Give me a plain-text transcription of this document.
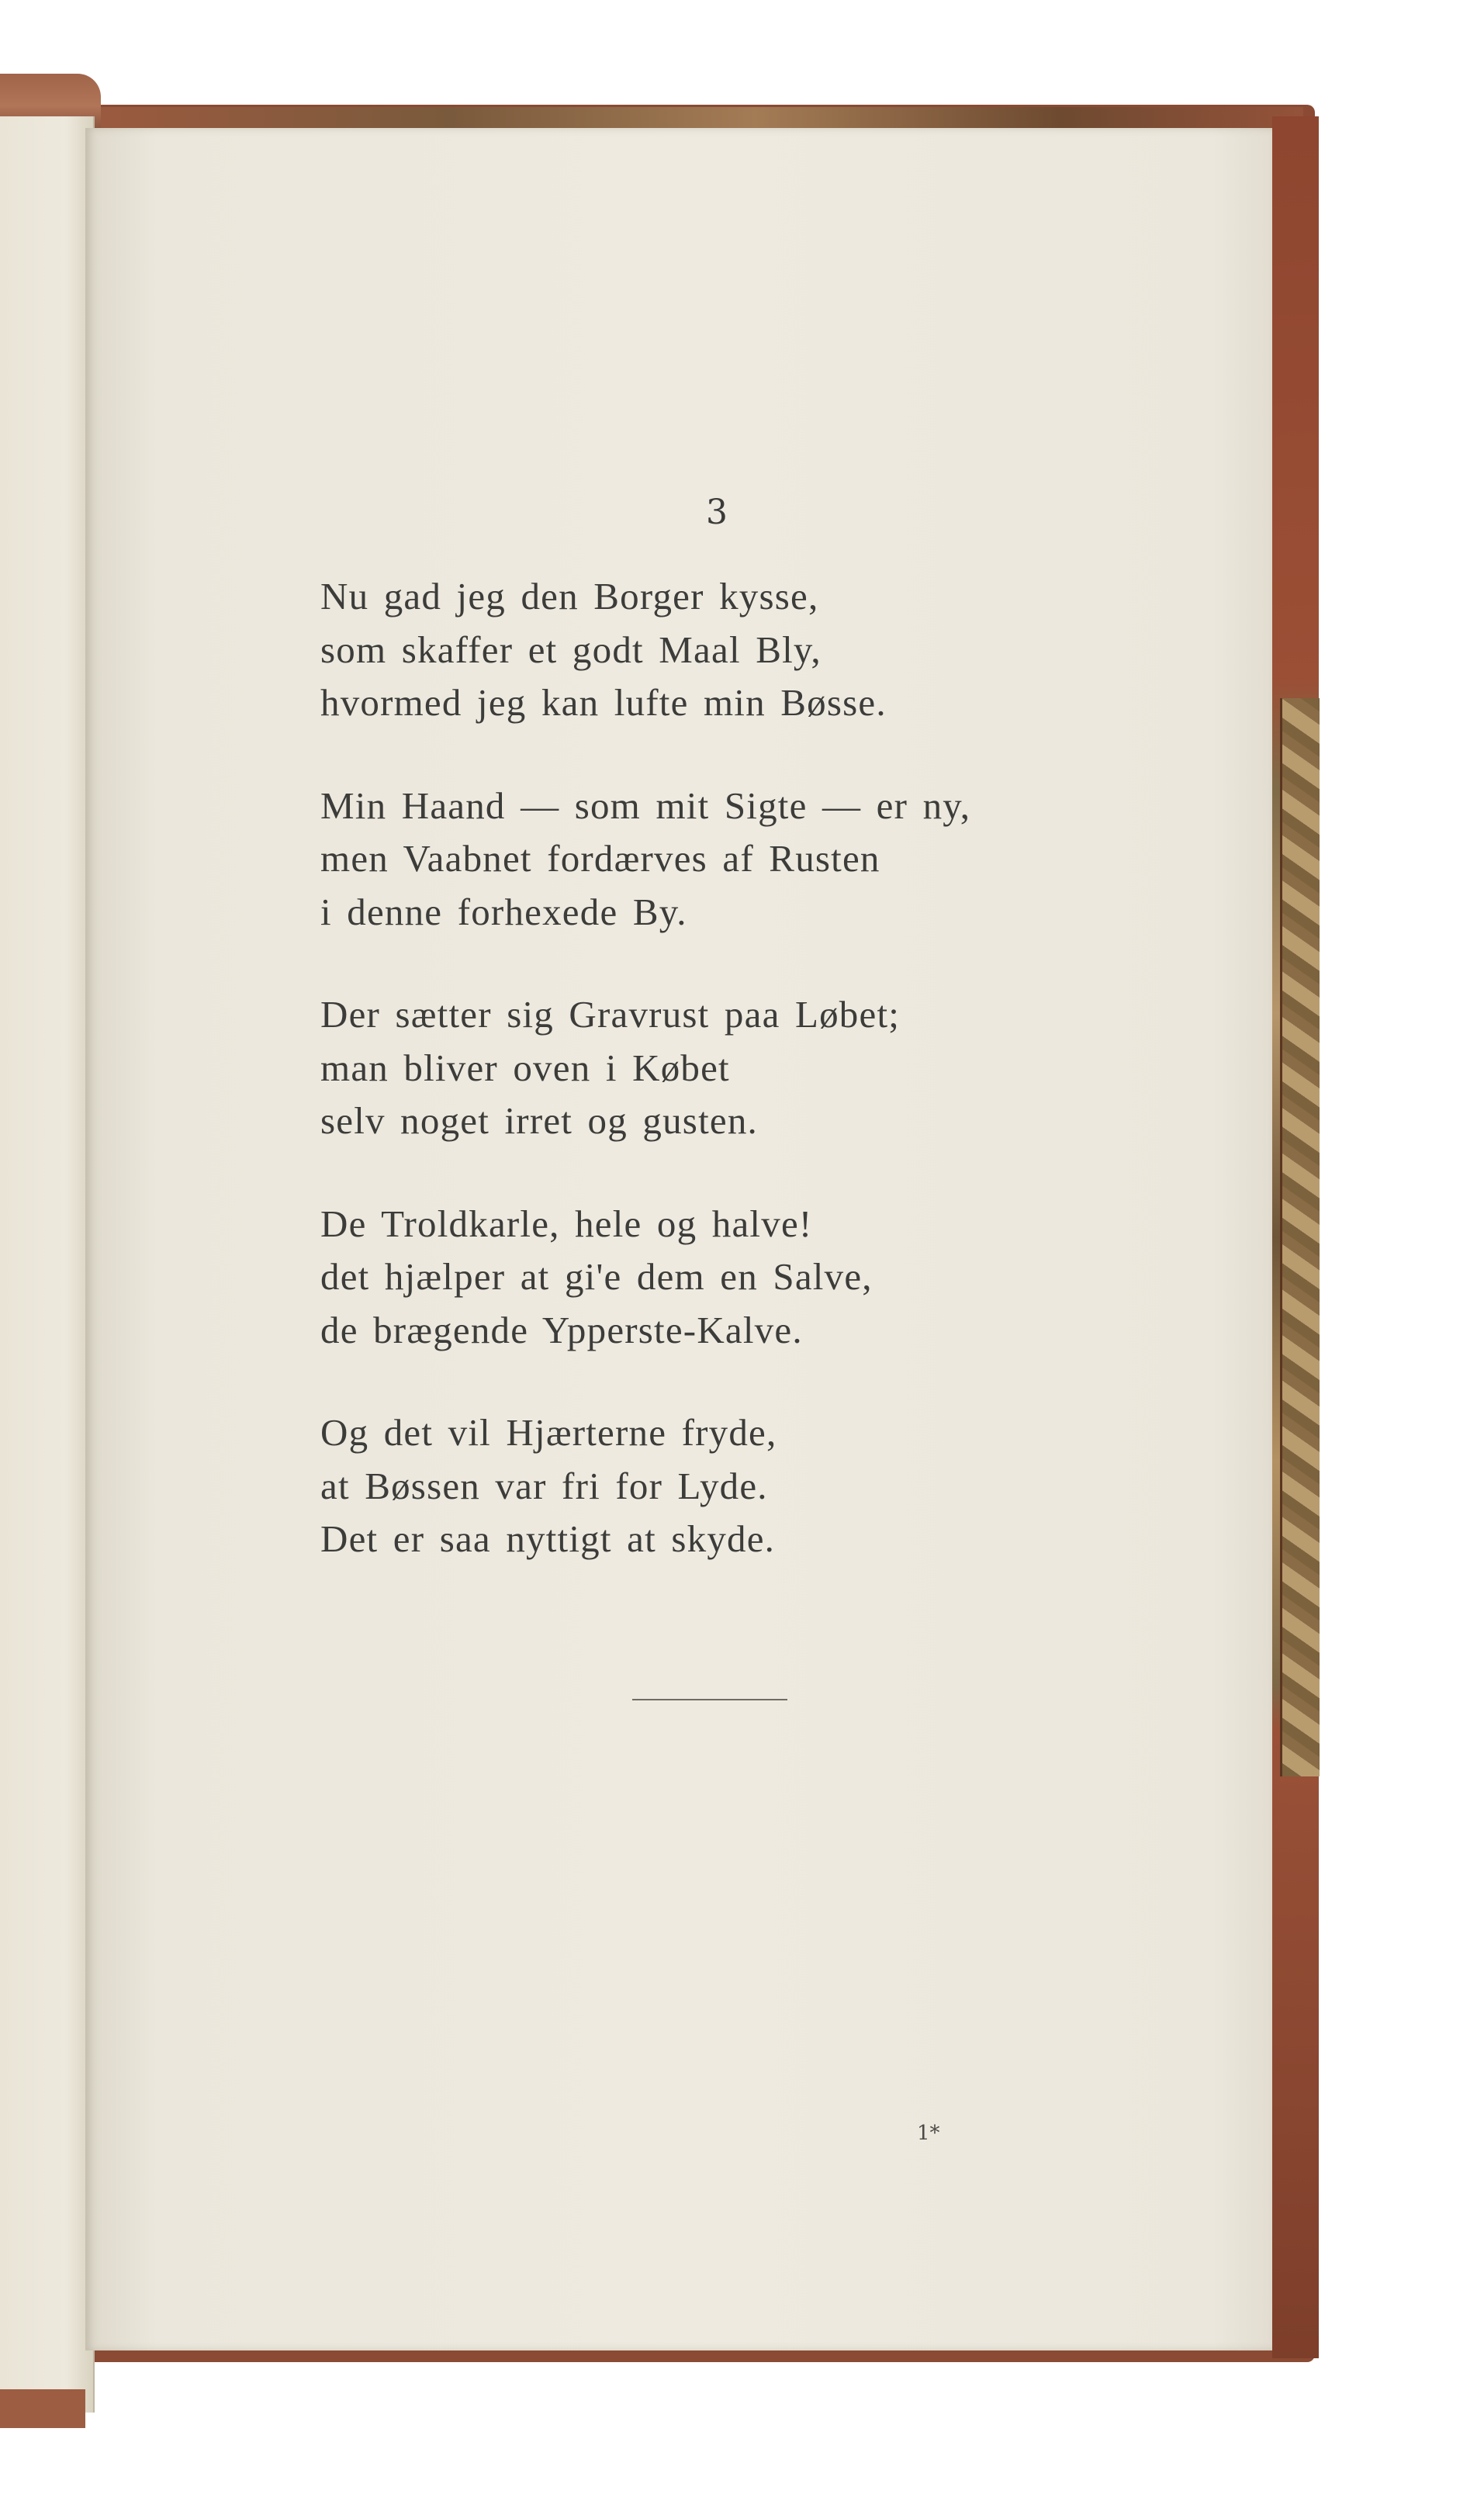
3
Nu gad jeg den Borger kysse,
som skaffer et godt Maal Bly,
hvormed jeg kan lufte min Bøsse.
Min Haand — som mit Sigte — er ny,
men Vaabnet fordærves af Rusten
i denne forhexede By.
Der sætter sig Gravrust paa Løbet;
man bliver oven i Købet
selv noget irret og gusten.
De Troldkarle, hele og halve!
det hjælper at gi'e dem en Salve,
de brægende Ypperste-Kalve.
Og det vil Hjærterne fryde,
at Bøssen var fri for Lyde.
Det er saa nyttigt at skyde.
1*
